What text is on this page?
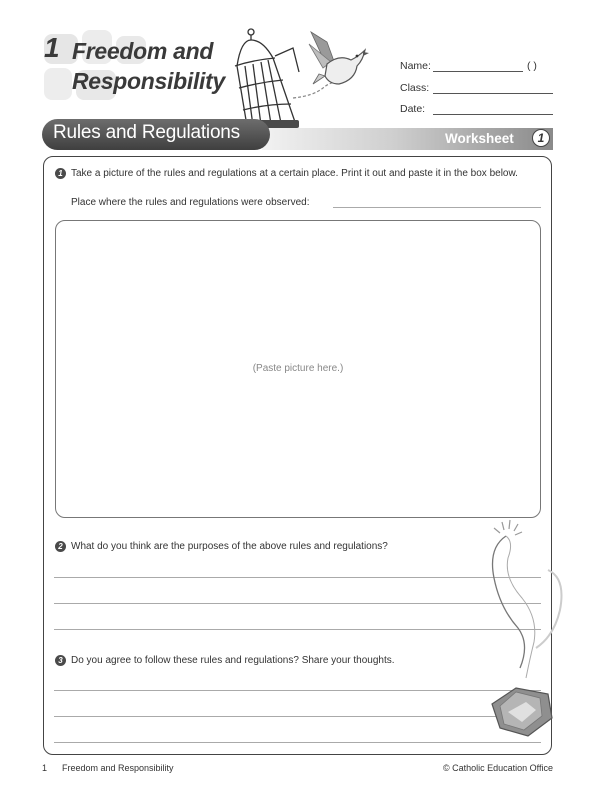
1 Freedom and
Responsibility
Name:	( )
Class:
Date:
Rules and Regulations	Worksheet	1
1 Take a picture of the rules and regulations at a certain place. Print it out and paste it in the box below.
Place where the rules and regulations were observed:
(Paste picture here.)
2 What do you think are the purposes of the above rules and regulations?
3 Do you agree to follow these rules and regulations? Share your thoughts.
1 Freedom and Responsibility	© Catholic Education Office
